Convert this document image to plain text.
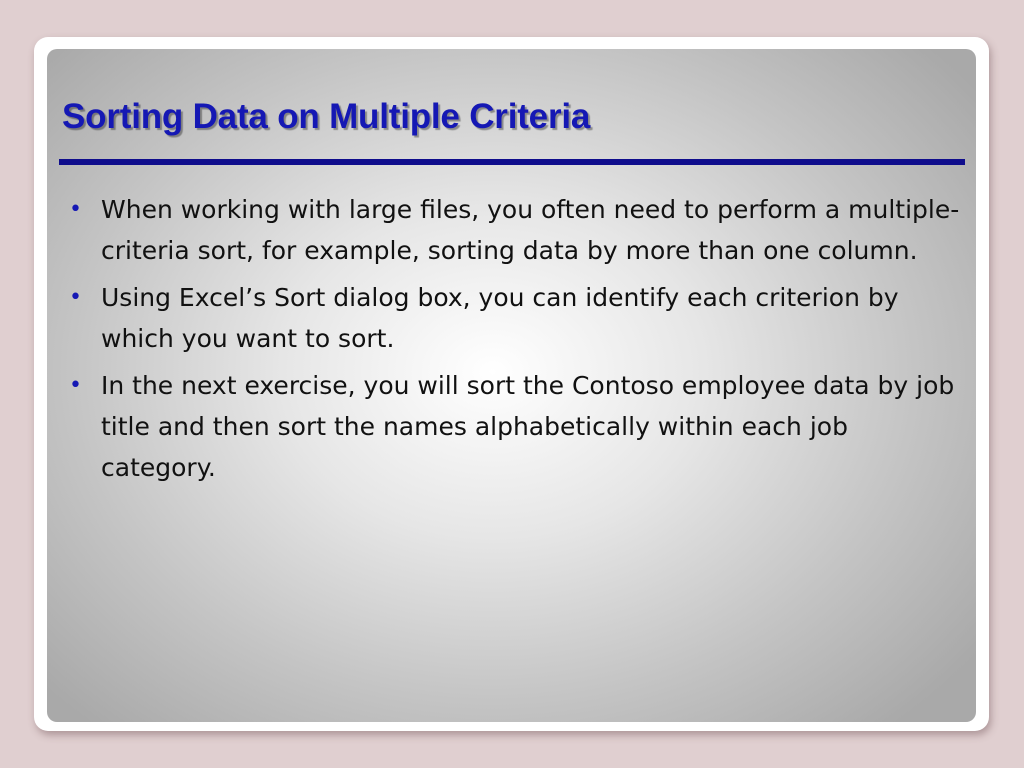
Sorting Data on Multiple Criteria
• When working with large files, you often need to perform a multiple-criteria sort, for example, sorting data by more than one column.
• Using Excel’s Sort dialog box, you can identify each criterion by which you want to sort.
• In the next exercise, you will sort the Contoso employee data by job title and then sort the names alphabetically within each job category.
